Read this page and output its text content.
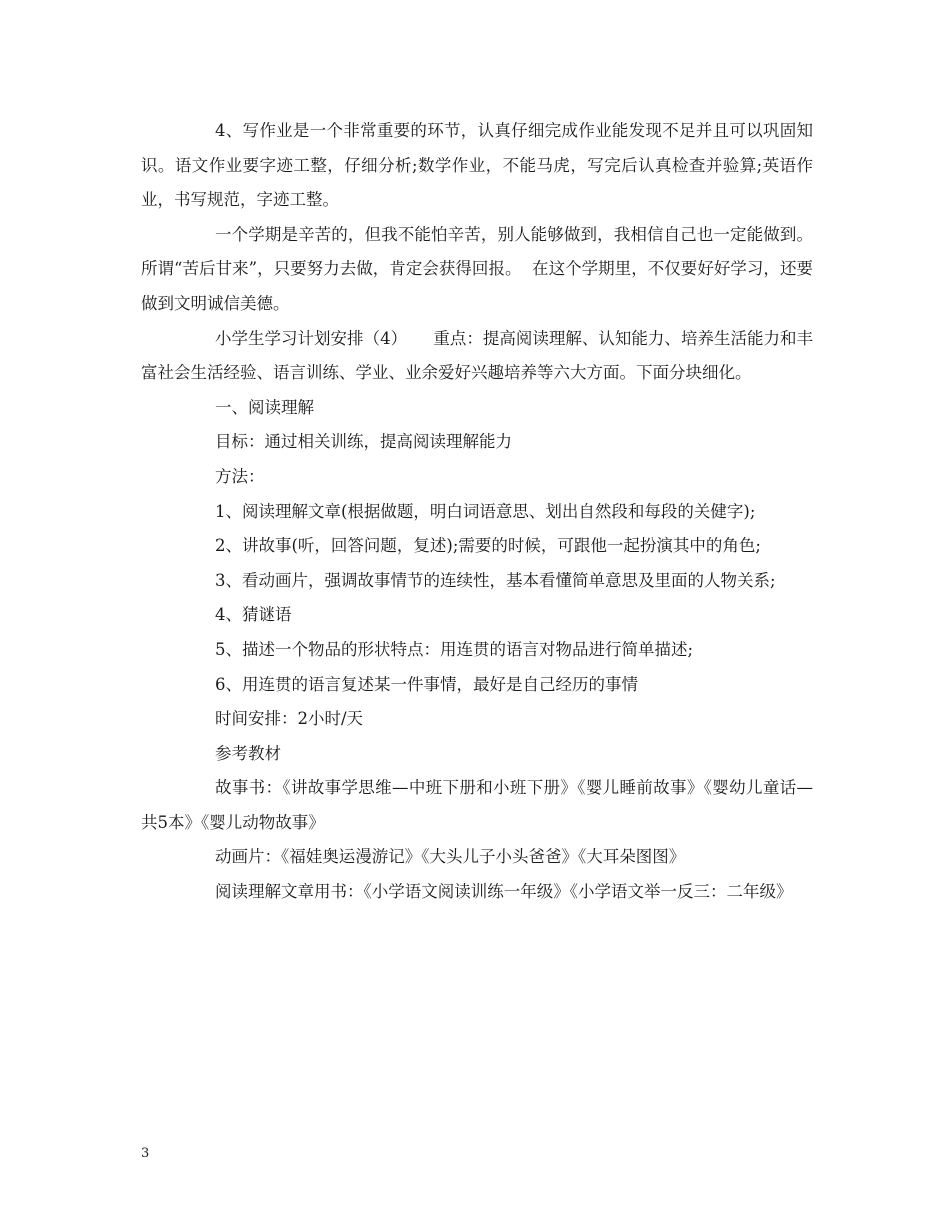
4、写作业是一个非常重要的环节，认真仔细完成作业能发现不足并且可以巩固知识。语文作业要字迹工整，仔细分析;数学作业，不能马虎，写完后认真检查并验算;英语作业，书写规范，字迹工整。

一个学期是辛苦的，但我不能怕辛苦，别人能够做到，我相信自己也一定能做到。所谓“苦后甘来”，只要努力去做，肯定会获得回报。  在这个学期里，不仅要好好学习，还要做到文明诚信美德。

小学生学习计划安排（4）     重点：提高阅读理解、认知能力、培养生活能力和丰富社会生活经验、语言训练、学业、业余爱好兴趣培养等六大方面。下面分块细化。

一、阅读理解

目标：通过相关训练，提高阅读理解能力

方法：

1、阅读理解文章(根据做题，明白词语意思、划出自然段和每段的关健字);

2、讲故事(听，回答问题，复述);需要的时候，可跟他一起扮演其中的角色;

3、看动画片，强调故事情节的连续性，基本看懂简单意思及里面的人物关系;

4、猜谜语

5、描述一个物品的形状特点：用连贯的语言对物品进行简单描述;

6、用连贯的语言复述某一件事情，最好是自己经历的事情

时间安排：2小时/天

参考教材

故事书：《讲故事学思维—中班下册和小班下册》《婴儿睡前故事》《婴幼儿童话—共5本》《婴儿动物故事》

动画片：《福娃奥运漫游记》《大头儿子小头爸爸》《大耳朵图图》

阅读理解文章用书：《小学语文阅读训练一年级》《小学语文举一反三：二年级》

3
